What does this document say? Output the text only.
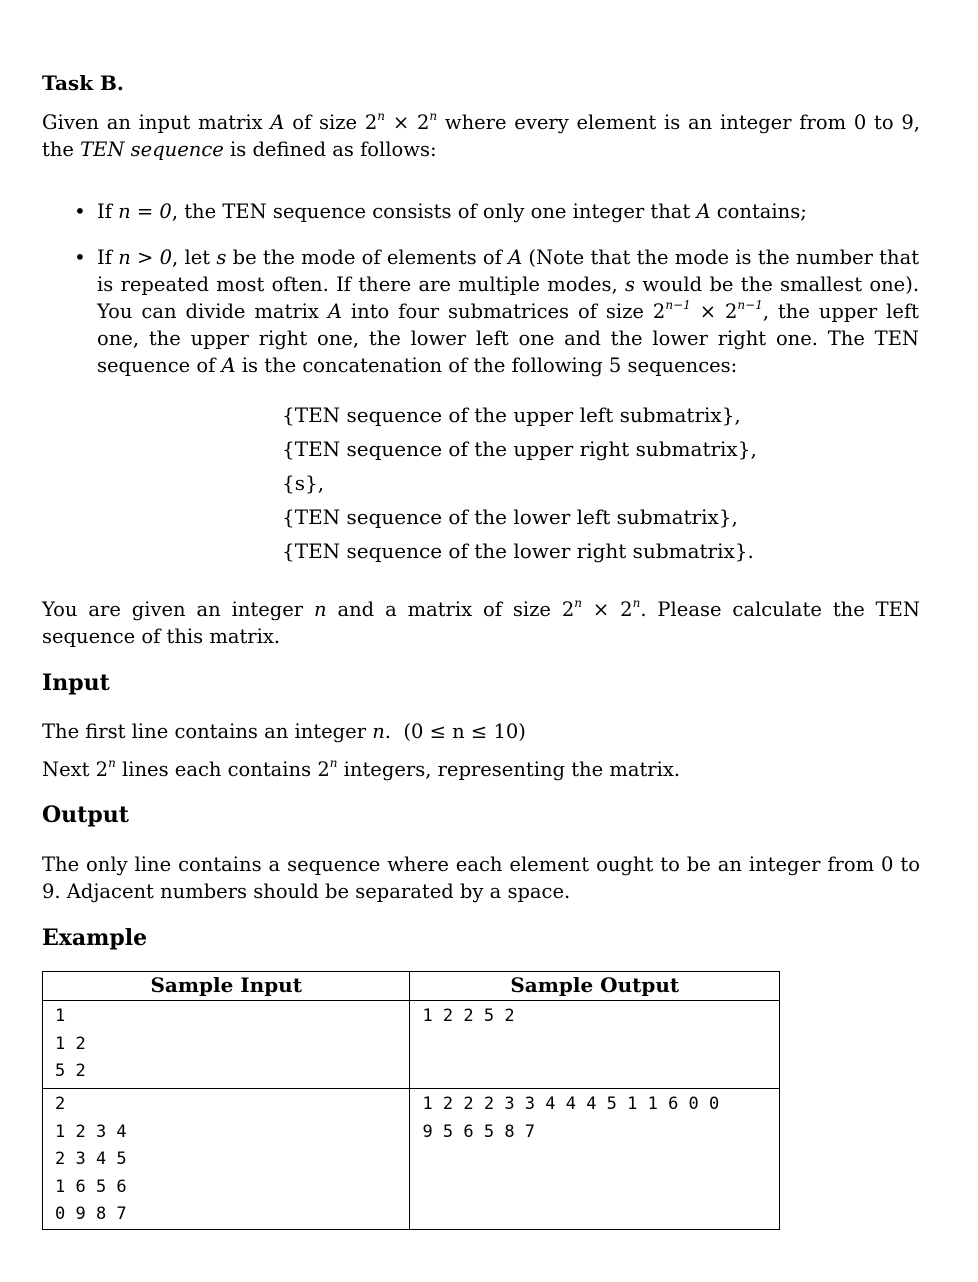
Task B.

Given an input matrix A of size $2^n \times 2^n$ where every element is an integer from 0 to 9, the TEN sequence is defined as follows:

• If n = 0, the TEN sequence consists of only one integer that A contains;

• If n > 0, let s be the mode of elements of A (Note that the mode is the number that is repeated most often. If there are multiple modes, s would be the smallest one). You can divide matrix A into four submatrices of size $2^{n-1} \times 2^{n-1}$, the upper left one, the upper right one, the lower left one and the lower right one. The TEN sequence of A is the concatenation of the following 5 sequences:

{TEN sequence of the upper left submatrix},
{TEN sequence of the upper right submatrix},
{s},
{TEN sequence of the lower left submatrix},
{TEN sequence of the lower right submatrix}.

You are given an integer n and a matrix of size $2^n \times 2^n$. Please calculate the TEN sequence of this matrix.

Input

The first line contains an integer n. (0 ≤ n ≤ 10)

Next 2$^n$ lines each contains 2$^n$ integers, representing the matrix.

Output

The only line contains a sequence where each element ought to be an integer from 0 to 9. Adjacent numbers should be separated by a space.

Example
Sample Input	Sample Output
1
1 2
5 2	1 2 2 5 2
2
1 2 3 4
2 3 4 5
1 6 5 6
0 9 8 7	1 2 2 2 3 3 4 4 4 5 1 1 6 0 0
9 5 6 5 8 7
